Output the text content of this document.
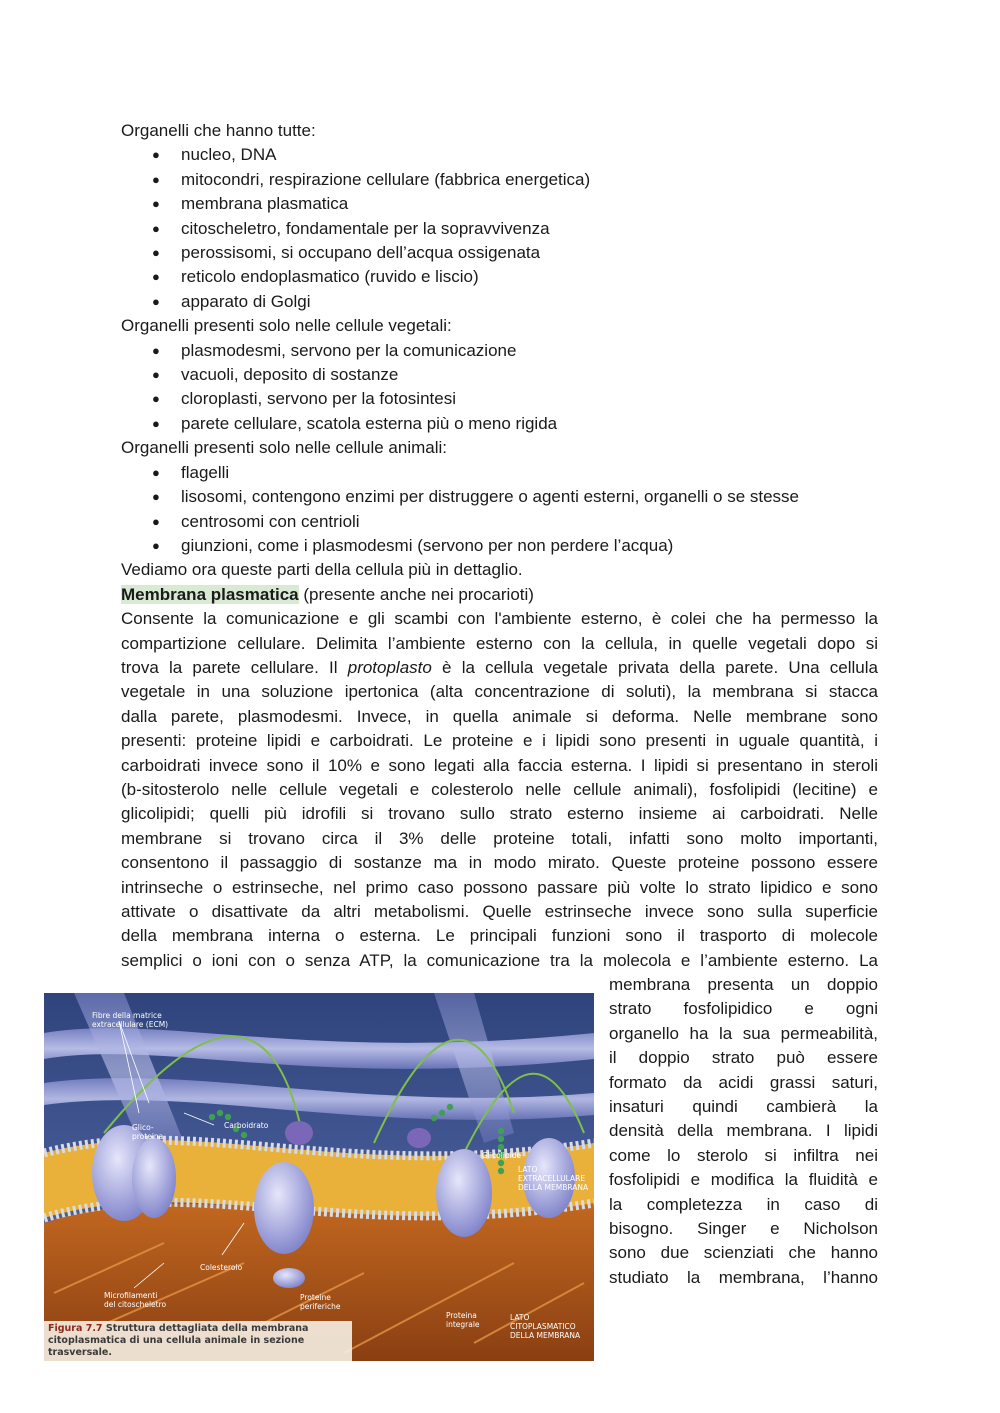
Organelli che hanno tutte:
● nucleo, DNA
● mitocondri, respirazione cellulare (fabbrica energetica)
● membrana plasmatica
● citoscheletro, fondamentale per la sopravvivenza
● perossisomi, si occupano dell’acqua ossigenata
● reticolo endoplasmatico (ruvido e liscio)
● apparato di Golgi
Organelli presenti solo nelle cellule vegetali:
● plasmodesmi, servono per la comunicazione
● vacuoli, deposito di sostanze
● cloroplasti, servono per la fotosintesi
● parete cellulare, scatola esterna più o meno rigida
Organelli presenti solo nelle cellule animali:
● flagelli
● lisosomi, contengono enzimi per distruggere o agenti esterni, organelli o se stesse
● centrosomi con centrioli
● giunzioni, come i plasmodesmi (servono per non perdere l’acqua)
Vediamo ora queste parti della cellula più in dettaglio.
Membrana plasmatica (presente anche nei procarioti)
Consente la comunicazione e gli scambi con l'ambiente esterno, è colei che ha permesso la
compartizione cellulare. Delimita l’ambiente esterno con la cellula, in quelle vegetali dopo si
trova la parete cellulare. Il protoplasto è la cellula vegetale privata della parete. Una cellula
vegetale in una soluzione ipertonica (alta concentrazione di soluti), la membrana si stacca
dalla parete, plasmodesmi. Invece, in quella animale si deforma. Nelle membrane sono
presenti: proteine lipidi e carboidrati. Le proteine e i lipidi sono presenti in uguale quantità, i
carboidrati invece sono il 10% e sono legati alla faccia esterna. I lipidi si presentano in steroli
(b-sitosterolo nelle cellule vegetali e colesterolo nelle cellule animali), fosfolipidi (lecitine) e
glicolipidi; quelli più idrofili si trovano sullo strato esterno insieme ai carboidrati. Nelle
membrane si trovano circa il 3% delle proteine totali, infatti sono molto importanti,
consentono il passaggio di sostanze ma in modo mirato. Queste proteine possono essere
intrinseche o estrinseche, nel primo caso possono passare più volte lo strato lipidico e sono
attivate o disattivate da altri metabolismi. Quelle estrinseche invece sono sulla superficie
della membrana interna o esterna. Le principali funzioni sono il trasporto di molecole
semplici o ioni con o senza ATP, la comunicazione tra la molecola e l’ambiente esterno. La
membrana presenta un doppio
strato fosfolipidico e ogni
organello ha la sua permeabilità,
il doppio strato può essere
formato da acidi grassi saturi,
insaturi quindi cambierà la
densità della membrana. I lipidi
come lo sterolo si infiltra nei
fosfolipidi e modifica la fluidità e
la completezza in caso di
bisogno. Singer e Nicholson
sono due scienziati che hanno
studiato la membrana, l’hanno
Fibre della matrice
extracellulare (ECM)
Glico-
proteina
Carboidrato
Glicolipide
LATO
EXTRACELLULARE
DELLA MEMBRANA
Colesterolo
Microfilamenti
del citoscheletro
Proteine
periferiche
Proteina
integrale
LATO
CITOPLASMATICO
DELLA MEMBRANA
Figura 7.7 Struttura dettagliata della membrana
citoplasmatica di una cellula animale in sezione trasversale.
